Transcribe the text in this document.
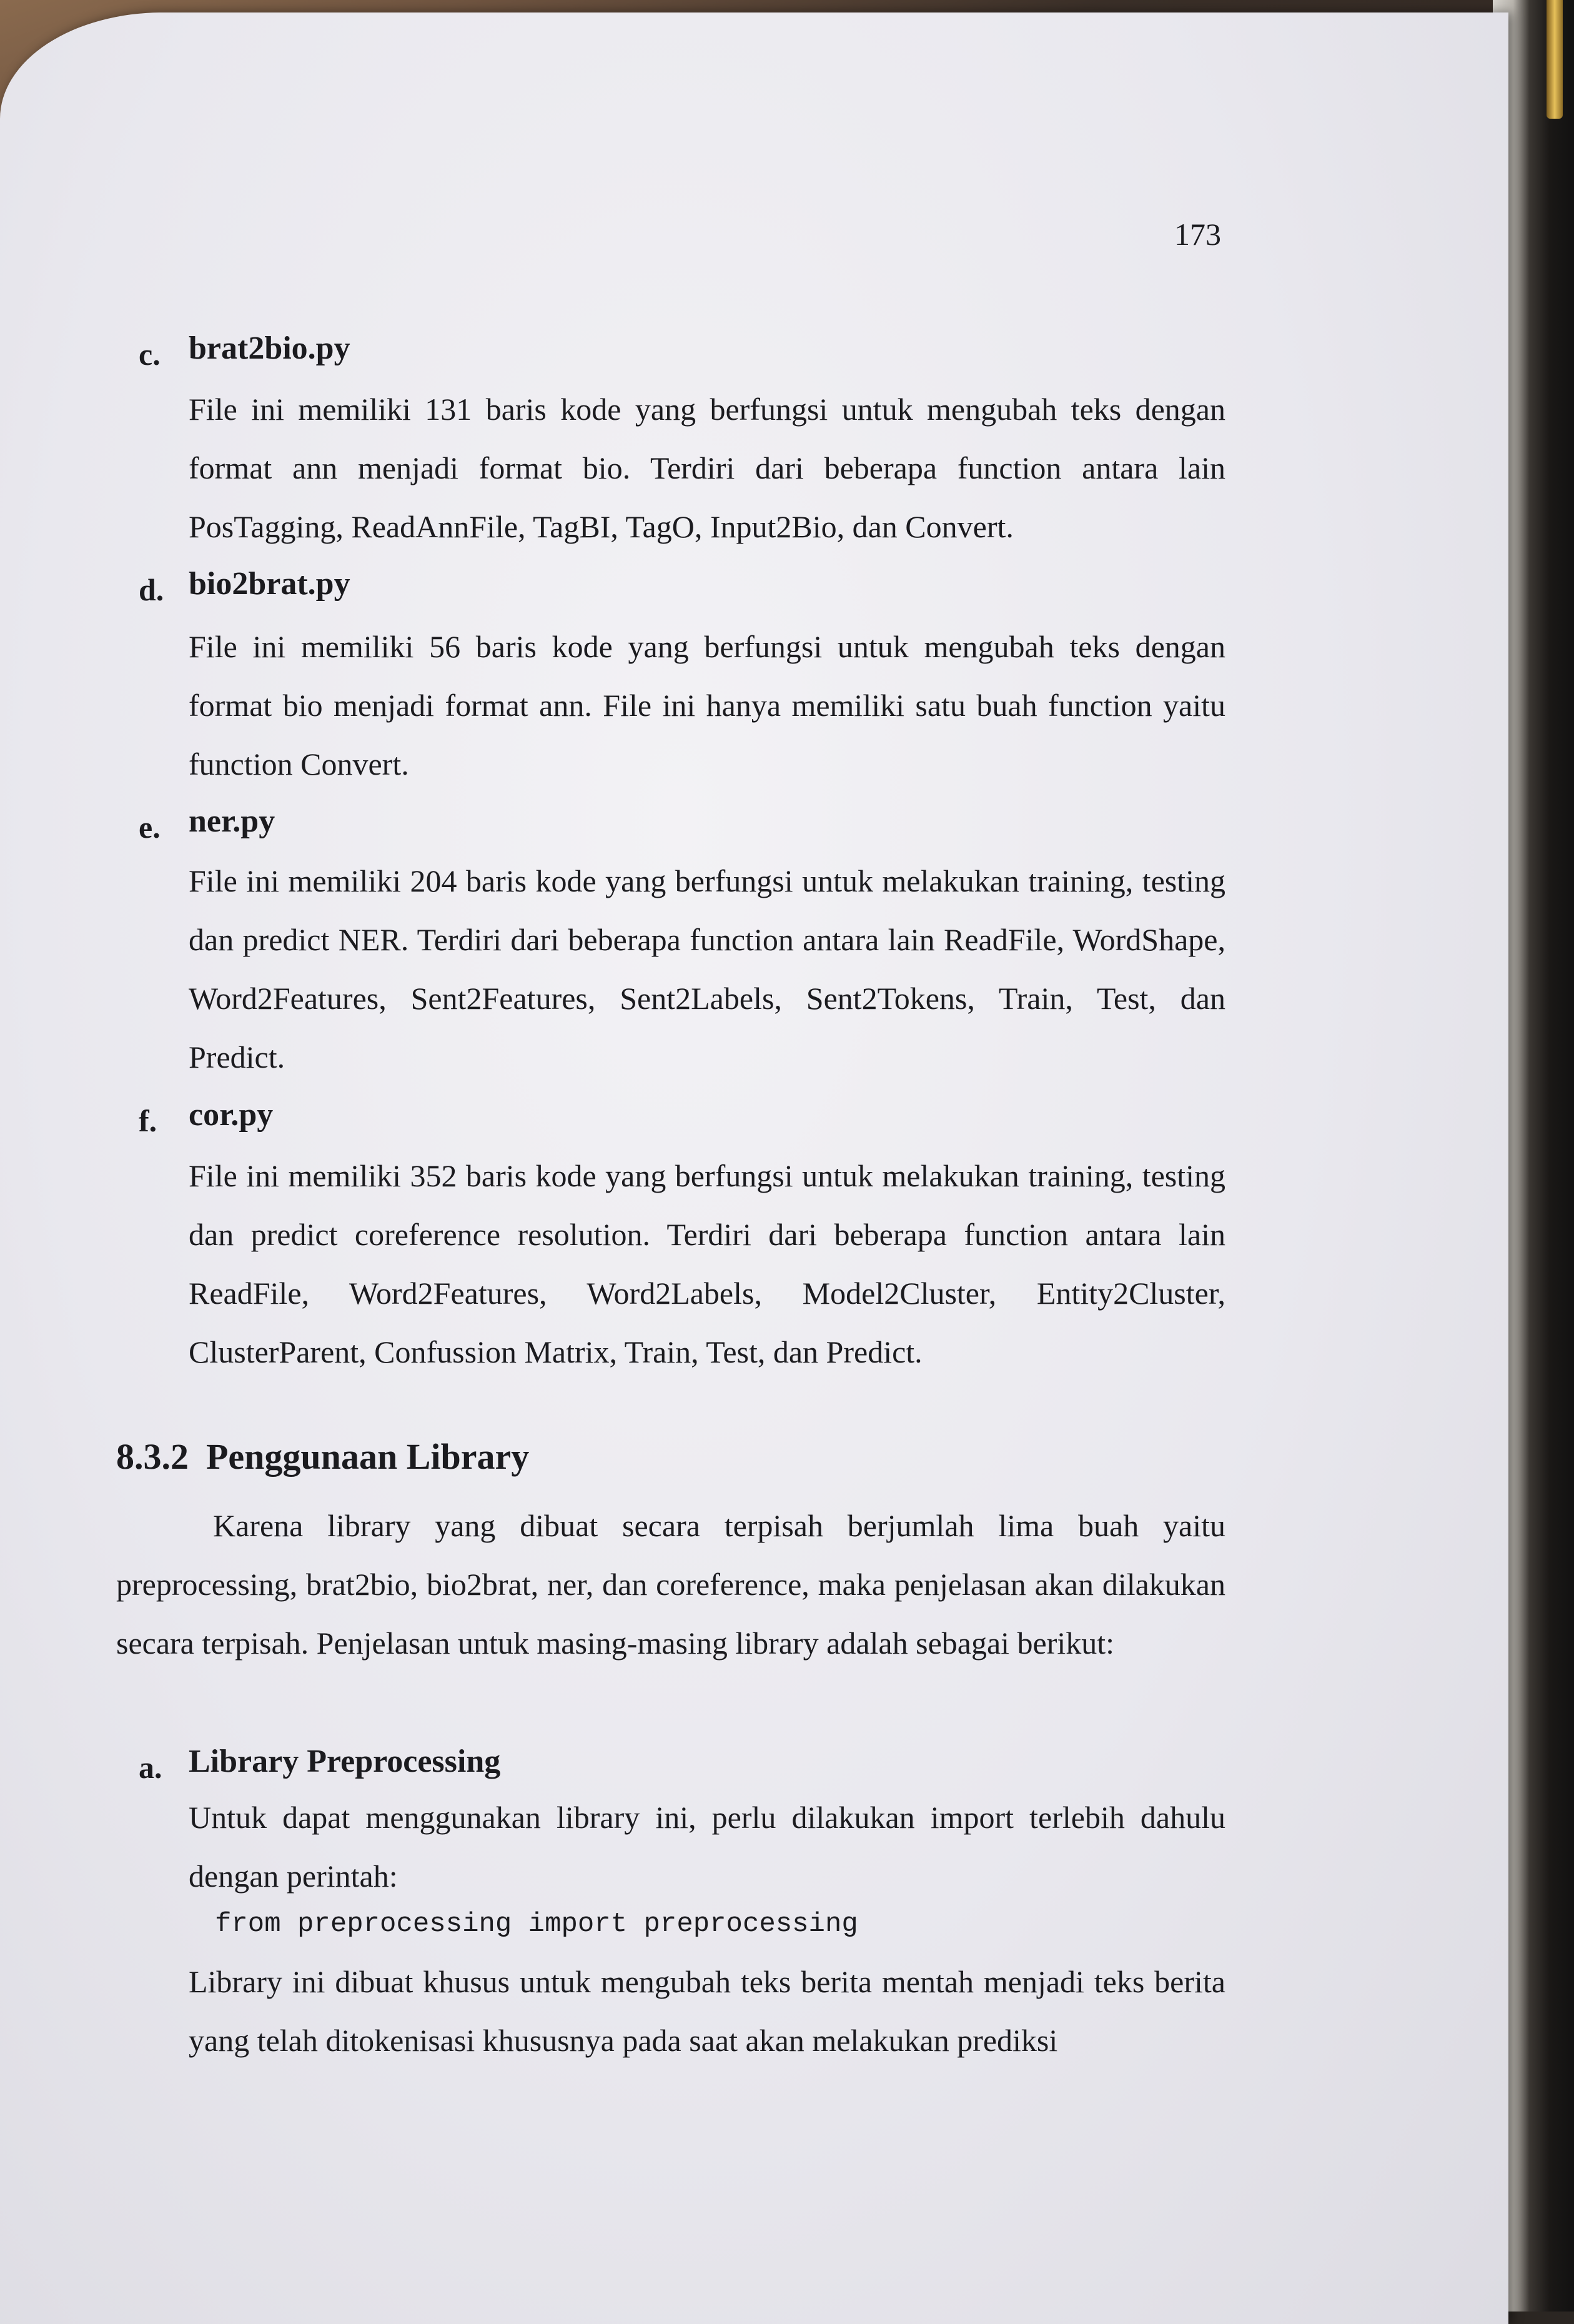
173
c. brat2bio.py
File ini memiliki 131 baris kode yang berfungsi untuk mengubah teks dengan format ann menjadi format bio. Terdiri dari beberapa function antara lain PosTagging, ReadAnnFile, TagBI, TagO, Input2Bio, dan Convert.
d. bio2brat.py
File ini memiliki 56 baris kode yang berfungsi untuk mengubah teks dengan format bio menjadi format ann. File ini hanya memiliki satu buah function yaitu function Convert.
e. ner.py
File ini memiliki 204 baris kode yang berfungsi untuk melakukan training, testing dan predict NER. Terdiri dari beberapa function antara lain ReadFile, WordShape, Word2Features, Sent2Features, Sent2Labels, Sent2Tokens, Train, Test, dan Predict.
f. cor.py
File ini memiliki 352 baris kode yang berfungsi untuk melakukan training, testing dan predict coreference resolution. Terdiri dari beberapa function antara lain ReadFile, Word2Features, Word2Labels, Model2Cluster, Entity2Cluster, ClusterParent, Confussion Matrix, Train, Test, dan Predict.
8.3.2 Penggunaan Library
Karena library yang dibuat secara terpisah berjumlah lima buah yaitu preprocessing, brat2bio, bio2brat, ner, dan coreference, maka penjelasan akan dilakukan secara terpisah. Penjelasan untuk masing-masing library adalah sebagai berikut:
a. Library Preprocessing
Untuk dapat menggunakan library ini, perlu dilakukan import terlebih dahulu dengan perintah:
from preprocessing import preprocessing
Library ini dibuat khusus untuk mengubah teks berita mentah menjadi teks berita yang telah ditokenisasi khususnya pada saat akan melakukan prediksi
